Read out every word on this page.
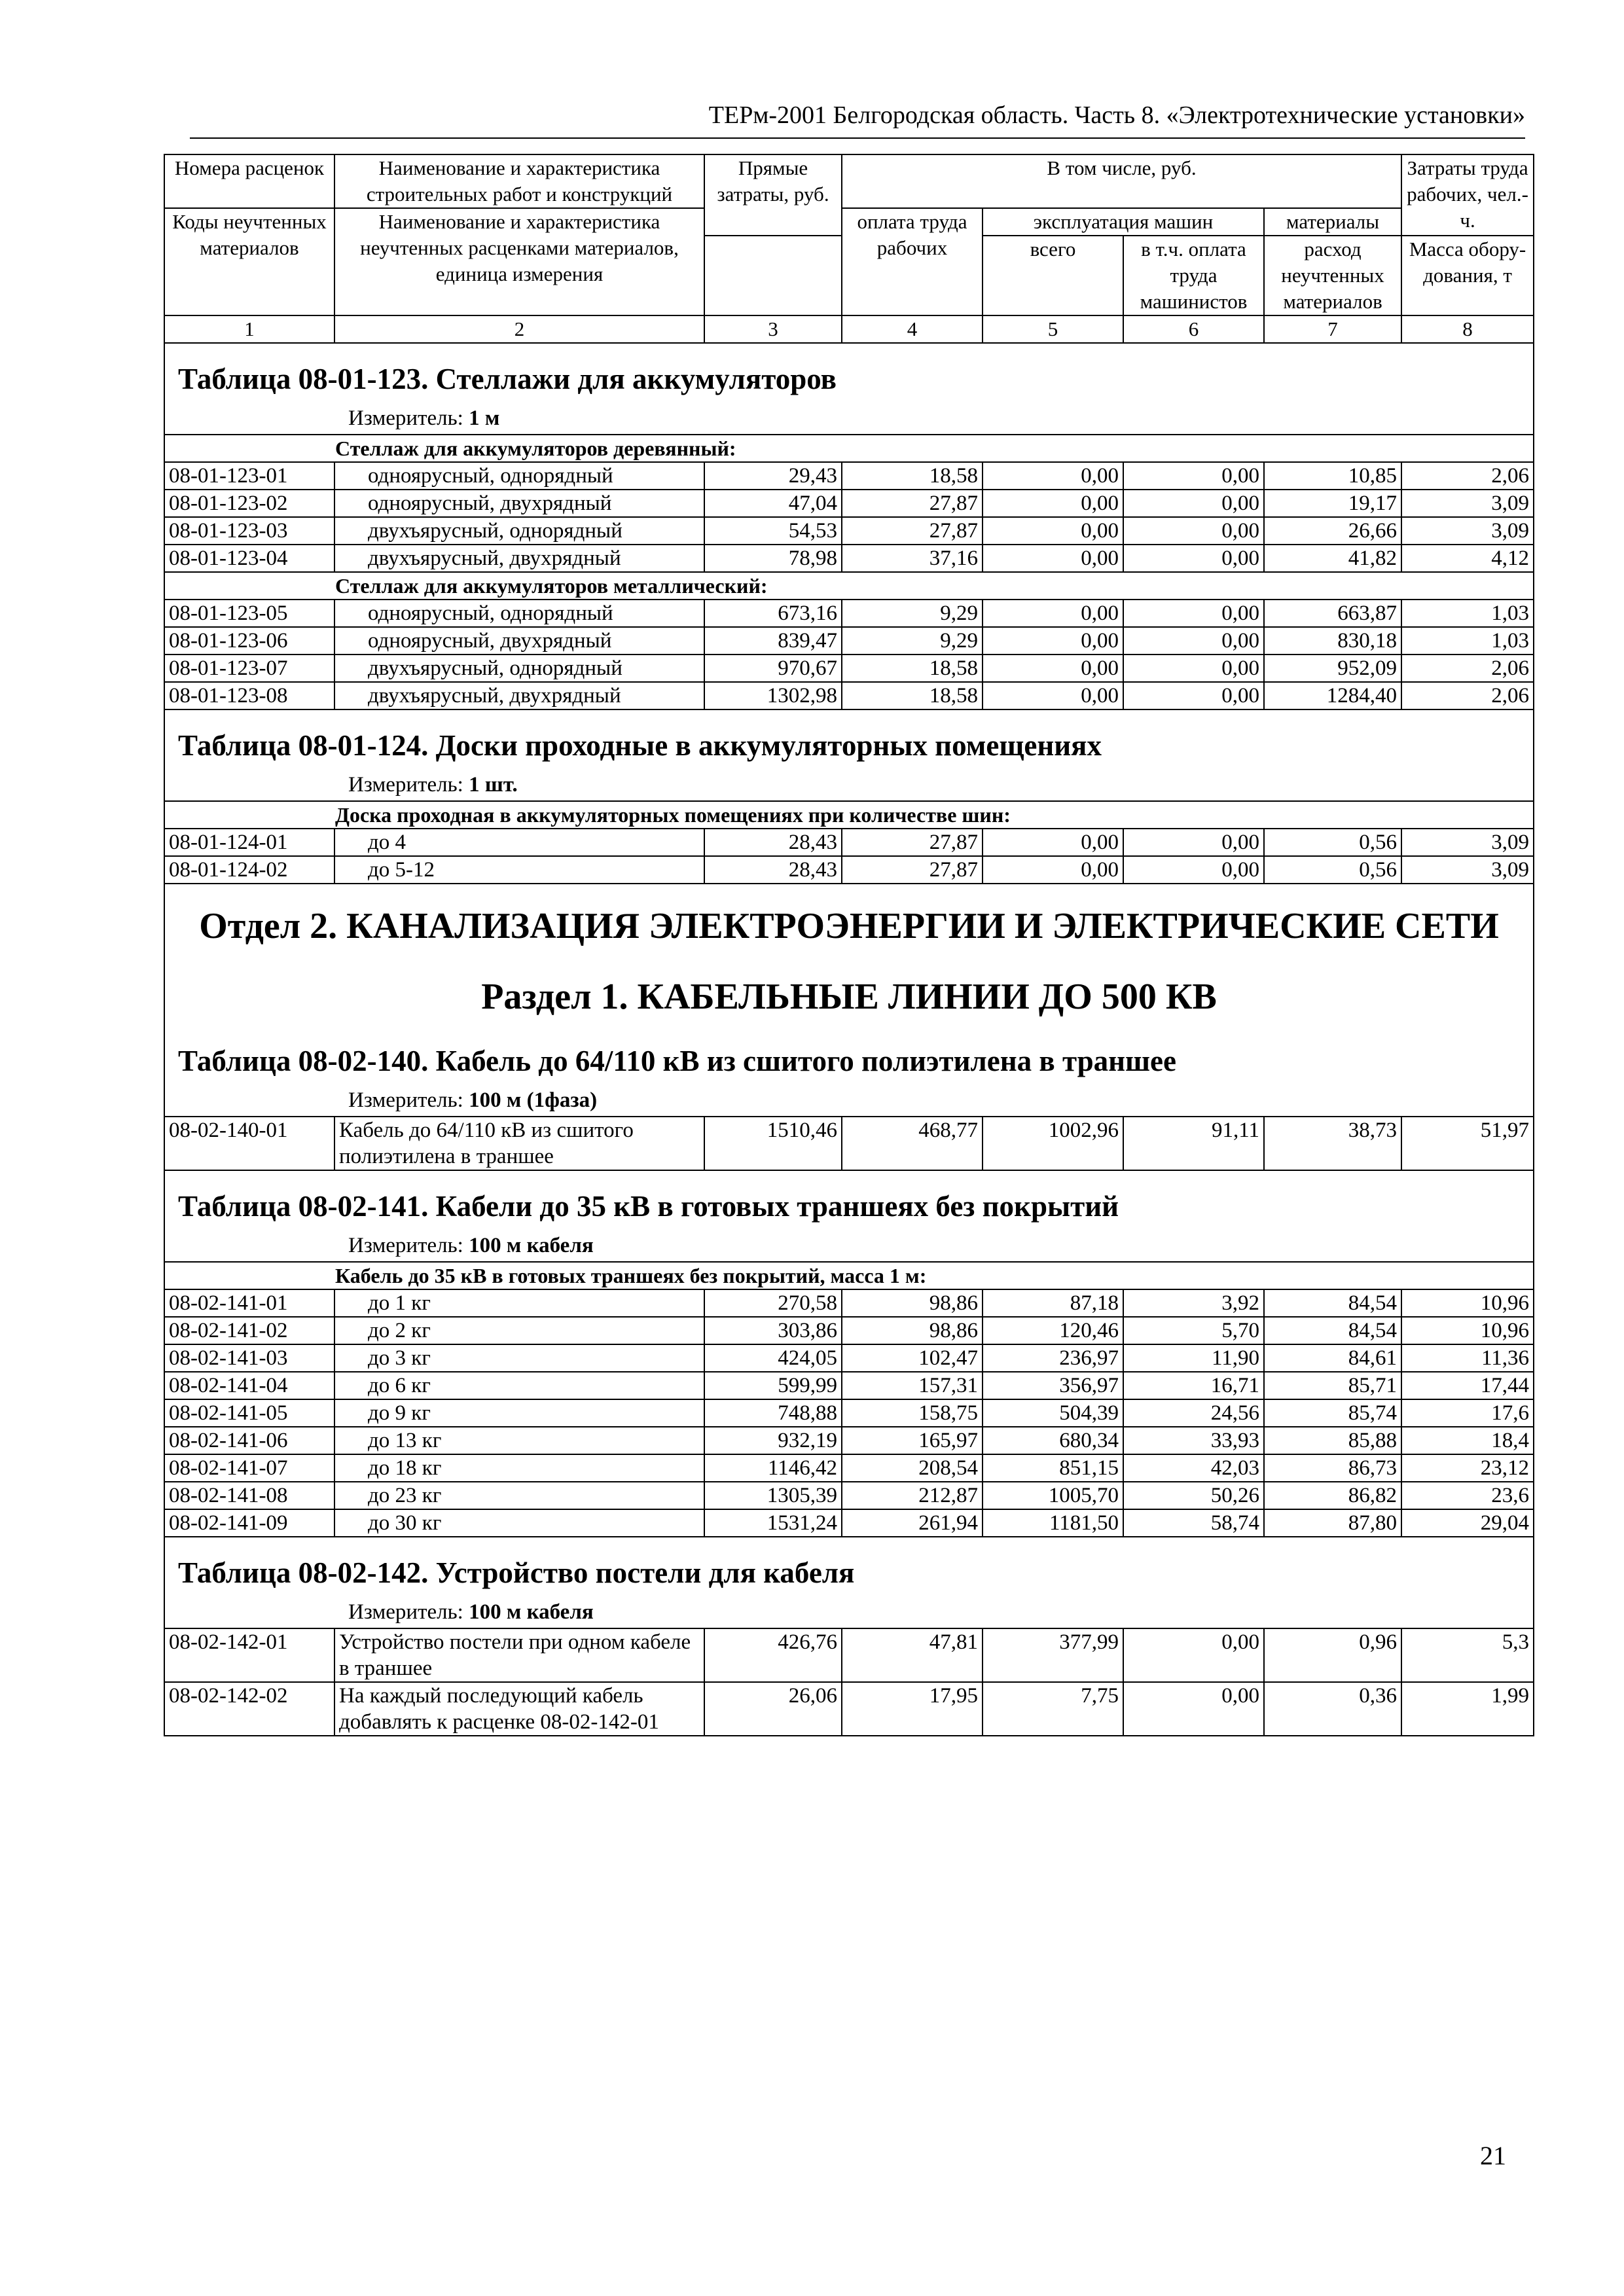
ТЕРм-2001 Белгородская область. Часть 8. «Электротехнические установки»
Номера расценок	Наименование и характеристика строительных работ и конструкций	Прямые затраты, руб.	В том числе, руб.				Затраты труда рабочих, чел.-ч.
Коды неучтенных материалов	Наименование и характеристика неучтенных расценками материалов, единица измерения		оплата труда рабочих	эксплуатация машин		материалы	
				всего	в т.ч. оплата труда машинистов	расход неучтенных материалов	Масса обору-дования, т

1	2	3	4	5	6	7	8
Таблица 08-01-123. Стеллажи для аккумуляторов							
Измеритель: 1 м							
Стеллаж для аккумуляторов деревянный:							
08-01-123-01	одноярусный, однорядный	29,43	18,58	0,00	0,00	10,85	2,06
08-01-123-02	одноярусный, двухрядный	47,04	27,87	0,00	0,00	19,17	3,09
08-01-123-03	двухъярусный, однорядный	54,53	27,87	0,00	0,00	26,66	3,09
08-01-123-04	двухъярусный, двухрядный	78,98	37,16	0,00	0,00	41,82	4,12
Стеллаж для аккумуляторов металлический:							
08-01-123-05	одноярусный, однорядный	673,16	9,29	0,00	0,00	663,87	1,03
08-01-123-06	одноярусный, двухрядный	839,47	9,29	0,00	0,00	830,18	1,03
08-01-123-07	двухъярусный, однорядный	970,67	18,58	0,00	0,00	952,09	2,06
08-01-123-08	двухъярусный, двухрядный	1302,98	18,58	0,00	0,00	1284,40	2,06
Таблица 08-01-124. Доски проходные в аккумуляторных помещениях							
Измеритель: 1 шт.							
Доска проходная в аккумуляторных помещениях при количестве шин:							
08-01-124-01	до 4	28,43	27,87	0,00	0,00	0,56	3,09
08-01-124-02	до 5-12	28,43	27,87	0,00	0,00	0,56	3,09
Отдел 2. КАНАЛИЗАЦИЯ ЭЛЕКТРОЭНЕРГИИ И ЭЛЕКТРИЧЕСКИЕ СЕТИ							
Раздел 1. КАБЕЛЬНЫЕ ЛИНИИ ДО 500 КВ							
Таблица 08-02-140. Кабель до 64/110 кВ из сшитого полиэтилена в траншее							
Измеритель: 100 м (1фаза)							
08-02-140-01	Кабель до 64/110 кВ из сшитого полиэтилена в траншее	1510,46	468,77	1002,96	91,11	38,73	51,97
Таблица 08-02-141. Кабели до 35 кВ в готовых траншеях без покрытий							
Измеритель: 100 м кабеля							
Кабель до 35 кВ в готовых траншеях без покрытий, масса 1 м:							
08-02-141-01	до 1 кг	270,58	98,86	87,18	3,92	84,54	10,96
08-02-141-02	до 2 кг	303,86	98,86	120,46	5,70	84,54	10,96
08-02-141-03	до 3 кг	424,05	102,47	236,97	11,90	84,61	11,36
08-02-141-04	до 6 кг	599,99	157,31	356,97	16,71	85,71	17,44
08-02-141-05	до 9 кг	748,88	158,75	504,39	24,56	85,74	17,6
08-02-141-06	до 13 кг	932,19	165,97	680,34	33,93	85,88	18,4
08-02-141-07	до 18 кг	1146,42	208,54	851,15	42,03	86,73	23,12
08-02-141-08	до 23 кг	1305,39	212,87	1005,70	50,26	86,82	23,6
08-02-141-09	до 30 кг	1531,24	261,94	1181,50	58,74	87,80	29,04
Таблица 08-02-142. Устройство постели для кабеля							
Измеритель: 100 м кабеля							
08-02-142-01	Устройство постели при одном кабеле в траншее	426,76	47,81	377,99	0,00	0,96	5,3
08-02-142-02	На каждый последующий кабель добавлять к расценке 08-02-142-01	26,06	17,95	7,75	0,00	0,36	1,99
21
